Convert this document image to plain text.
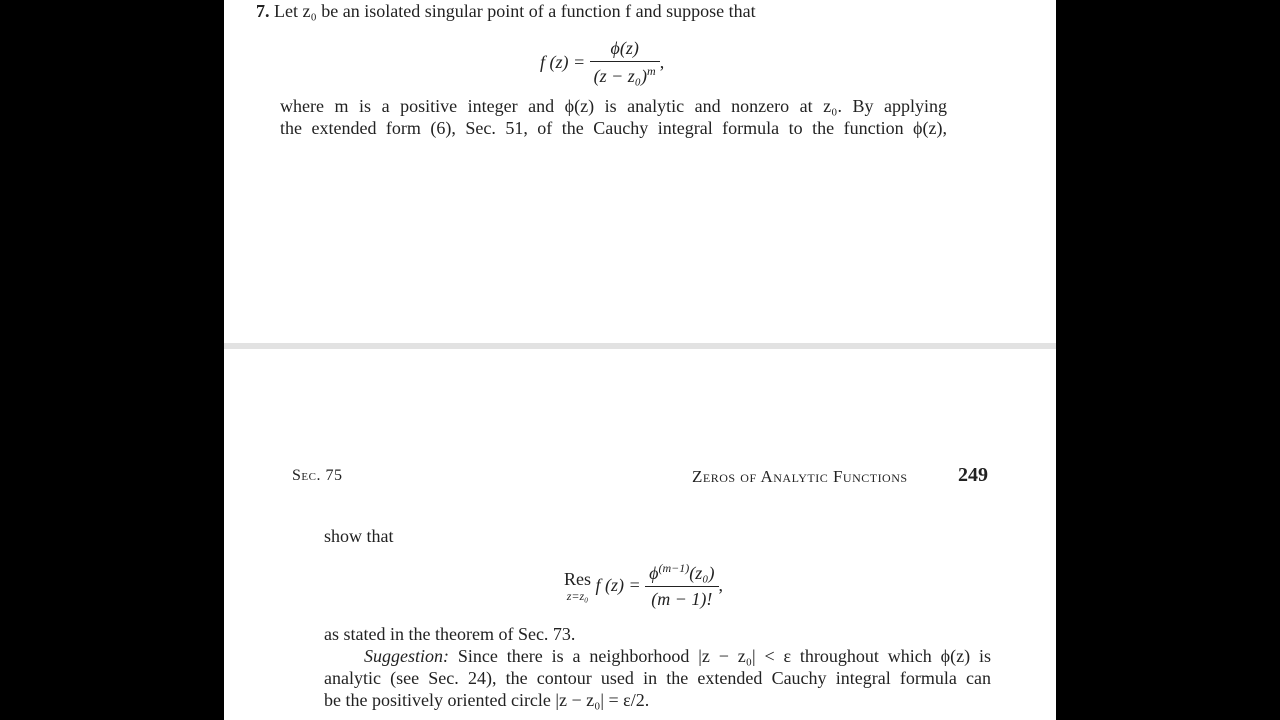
7. Let z₀ be an isolated singular point of a function f and suppose that
f $(z) = \frac{\phi(z)}{(z - z_0)^m}$ ,
where m is a positive integer and ϕ(z) is analytic and nonzero at z₀. By applying
the extended form (6), Sec. 51, of the Cauchy integral formula to the function ϕ(z),
Sec. 75	Zeros of Analytic Functions	249
show that
Res
z=z₀
f $(z) = \frac{\phi^{(m-1)}(z_0)}{(m - 1)!}$ ,
as stated in the theorem of Sec. 73.
Suggestion: Since there is a neighborhood |z − z₀| < ε throughout which ϕ(z) is
analytic (see Sec. 24), the contour used in the extended Cauchy integral formula can
be the positively oriented circle |z − z₀| = ε/2.
